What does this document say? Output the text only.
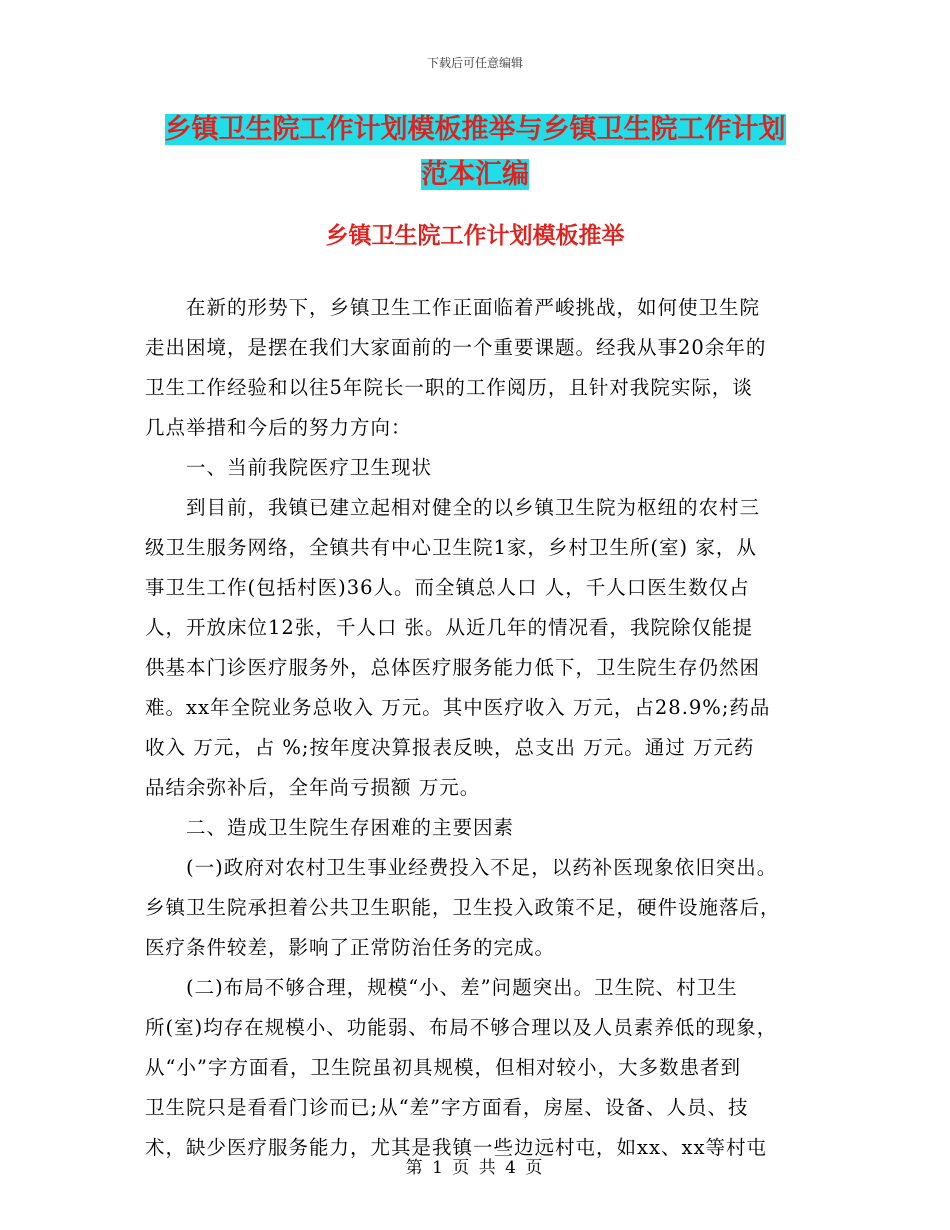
下载后可任意编辑
乡镇卫生院工作计划模板推举与乡镇卫生院工作计划
范本汇编
乡镇卫生院工作计划模板推举
　　在新的形势下，乡镇卫生工作正面临着严峻挑战，如何使卫生院
走出困境，是摆在我们大家面前的一个重要课题。经我从事20余年的
卫生工作经验和以往5年院长一职的工作阅历，且针对我院实际，谈
几点举措和今后的努力方向：
　　一、当前我院医疗卫生现状
　　到目前，我镇已建立起相对健全的以乡镇卫生院为枢纽的农村三
级卫生服务网络，全镇共有中心卫生院1家，乡村卫生所(室) 家，从
事卫生工作(包括村医)36人。而全镇总人口 人，千人口医生数仅占
人，开放床位12张，千人口 张。从近几年的情况看，我院除仅能提
供基本门诊医疗服务外，总体医疗服务能力低下，卫生院生存仍然困
难。xx年全院业务总收入 万元。其中医疗收入 万元，占28.9%;药品
收入 万元，占 %;按年度决算报表反映，总支出 万元。通过 万元药
品结余弥补后，全年尚亏损额 万元。
　　二、造成卫生院生存困难的主要因素
　　(一)政府对农村卫生事业经费投入不足，以药补医现象依旧突出。
乡镇卫生院承担着公共卫生职能，卫生投入政策不足，硬件设施落后，
医疗条件较差，影响了正常防治任务的完成。
　　(二)布局不够合理，规模“小、差”问题突出。卫生院、村卫生
所(室)均存在规模小、功能弱、布局不够合理以及人员素养低的现象，
从“小”字方面看，卫生院虽初具规模，但相对较小，大多数患者到
卫生院只是看看门诊而已;从“差”字方面看，房屋、设备、人员、技
术，缺少医疗服务能力，尤其是我镇一些边远村屯，如xx、xx等村屯
第 1 页 共 4 页
